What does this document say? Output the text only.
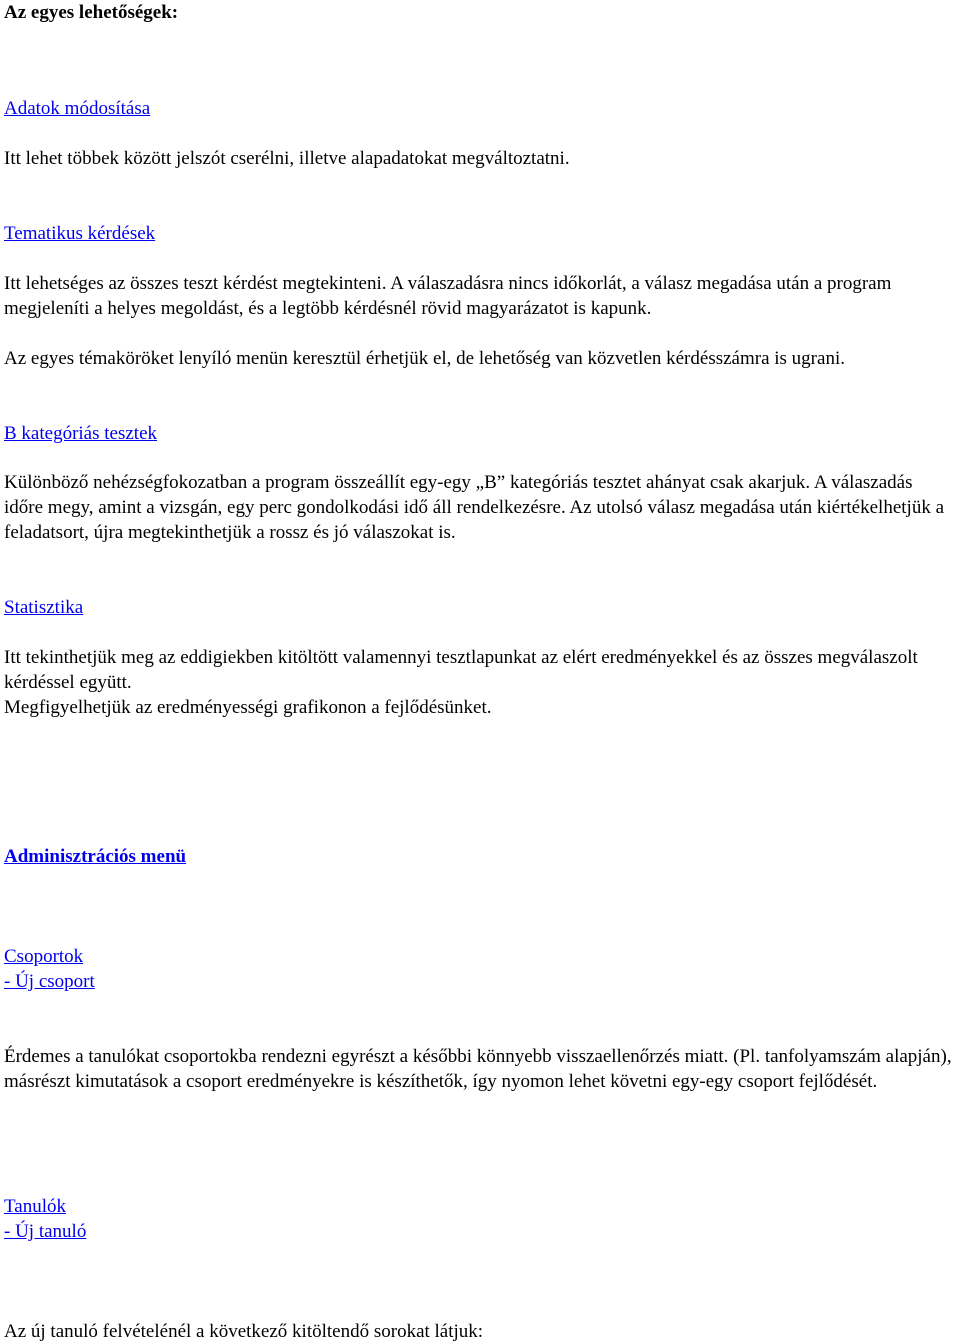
Az egyes lehetőségek:

Adatok módosítása

Itt lehet többek között jelszót cserélni, illetve alapadatokat megváltoztatni.

Tematikus kérdések

Itt lehetséges az összes teszt kérdést megtekinteni. A válaszadásra nincs időkorlát, a válasz megadása után a program megjeleníti a helyes megoldást, és a legtöbb kérdésnél rövid magyarázatot is kapunk.

Az egyes témaköröket lenyíló menün keresztül érhetjük el, de lehetőség van közvetlen kérdésszámra is ugrani.

B kategóriás tesztek

Különböző nehézségfokozatban a program összeállít egy-egy „B” kategóriás tesztet ahányat csak akarjuk. A válaszadás időre megy, amint a vizsgán, egy perc gondolkodási idő áll rendelkezésre. Az utolsó válasz megadása után kiértékelhetjük a feladatsort, újra megtekinthetjük a rossz és jó válaszokat is.

Statisztika

Itt tekinthetjük meg az eddigiekben kitöltött valamennyi tesztlapunkat az elért eredményekkel és az összes megválaszolt kérdéssel együtt.
Megfigyelhetjük az eredményességi grafikonon a fejlődésünket.

Adminisztrációs menü

Csoportok
- Új csoport

Érdemes a tanulókat csoportokba rendezni egyrészt a későbbi könnyebb visszaellenőrzés miatt. (Pl. tanfolyamszám alapján), másrészt kimutatások a csoport eredményekre is készíthetők, így nyomon lehet követni egy-egy csoport fejlődését.

Tanulók
- Új tanuló

Az új tanuló felvételénél a következő kitöltendő sorokat látjuk:
